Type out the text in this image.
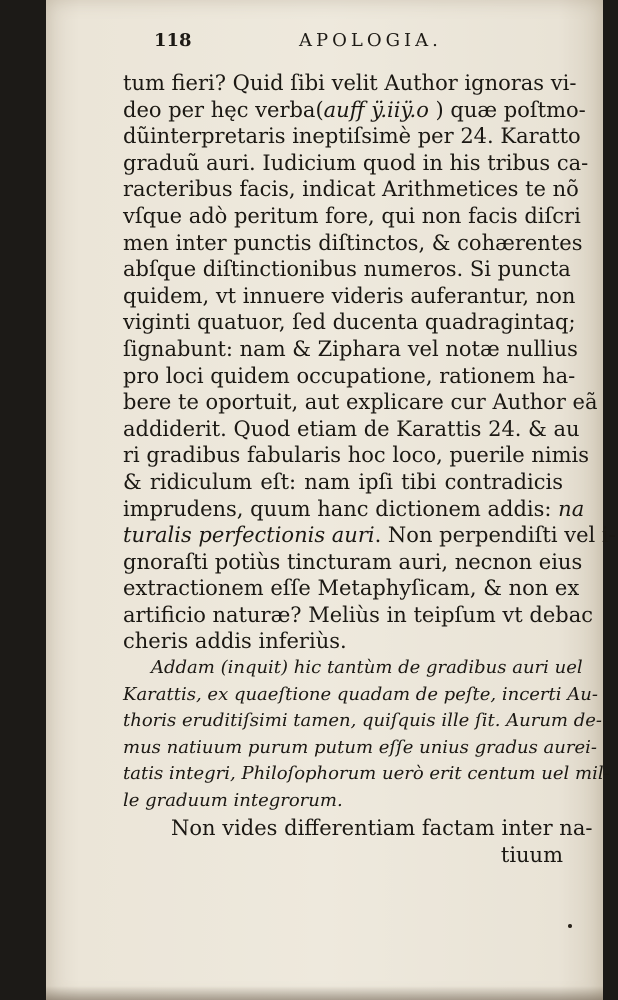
118	APOLOGIA.
tum fieri? Quid ſibi velit Author ignoras vi-
deo per hęc verba(auff ÿ.iiÿ.o ) quæ poſtmo-
dũinterpretaris ineptiſsimè per 24. Karatto
graduũ auri. Iudicium quod in his tribus ca-
racteribus facis, indicat Arithmetices te nõ
vſque adò peritum fore, qui non facis diſcri
men inter punctis diſtinctos, & cohærentes
abſque diſtinctionibus numeros. Si puncta
quidem, vt innuere videris auferantur, non
viginti quatuor, ſed ducenta quadragintaq;
ſignabunt: nam & Ziphara vel notæ nullius
pro loci quidem occupatione, rationem ha-
bere te oportuit, aut explicare cur Author eã
addiderit. Quod etiam de Karattis 24. & au
ri gradibus fabularis hoc loco, puerile nimis
& ridiculum eſt: nam ipſi tibi contradicis
imprudens, quum hanc dictionem addis: na
turalis perfectionis auri. Non perpendiſti vel i-
gnoraſti potiùs tincturam auri, necnon eius
extractionem eſſe Metaphyſicam, & non ex
artificio naturæ? Meliùs in teipſum vt debac
cheris addis inferiùs.
Addam (inquit) hic tantùm de gradibus auri uel
Karattis, ex quaeſtione quadam de peſte, incerti Au-
thoris eruditiſsimi tamen, quiſquis ille ſit. Aurum de-
mus natiuum purum putum eſſe unius gradus aurei-
tatis integri, Philoſophorum uerò erit centum uel mil-
le graduum integrorum.
Non vides differentiam factam inter na-
tiuum
